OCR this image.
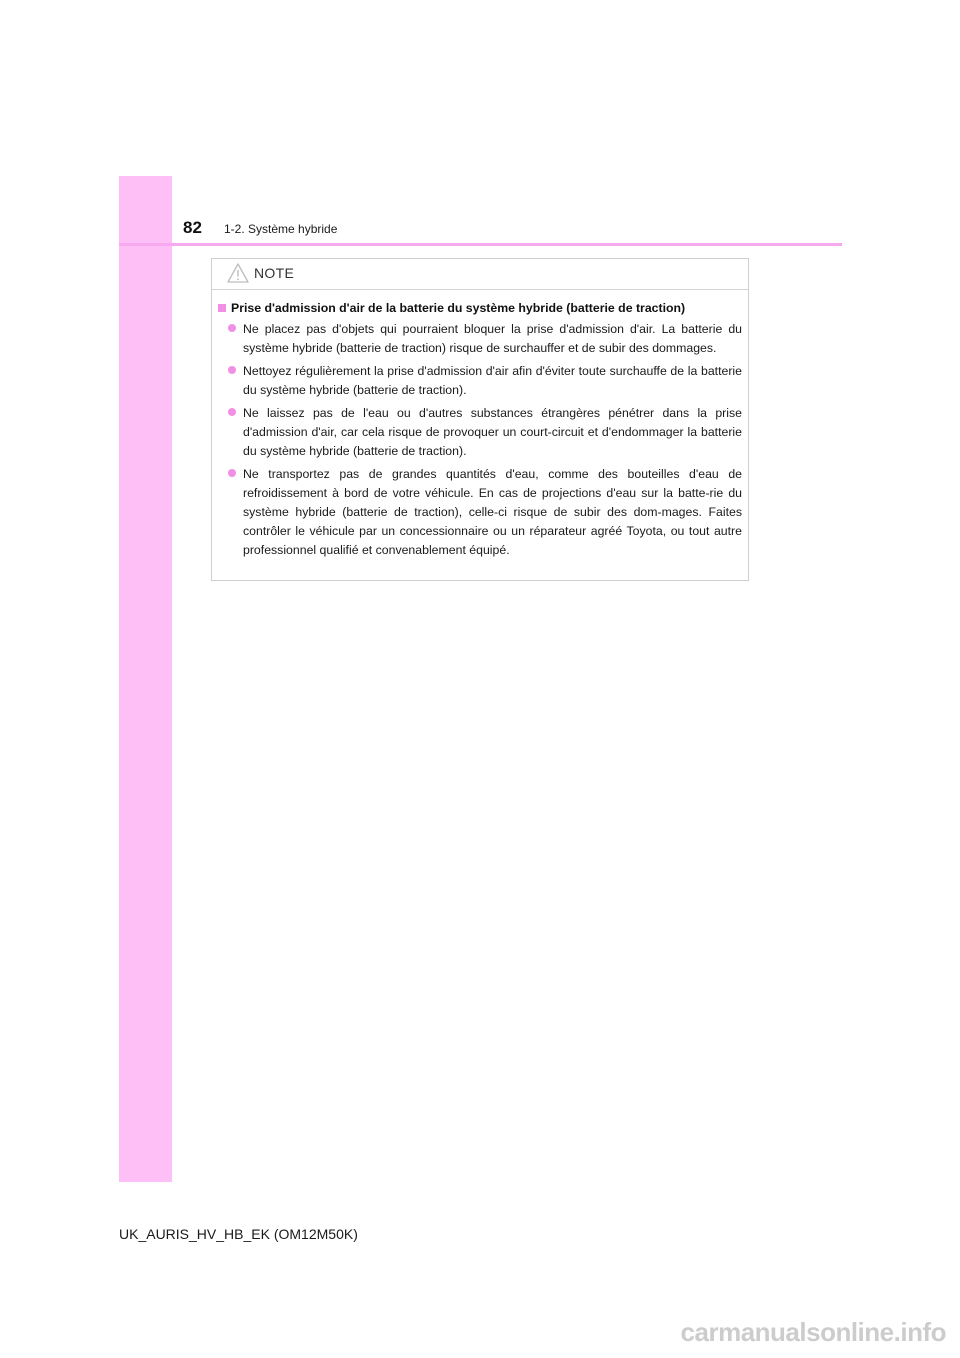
82 1-2. Système hybride
NOTE
Prise d'admission d'air de la batterie du système hybride (batterie de traction)
Ne placez pas d'objets qui pourraient bloquer la prise d'admission d'air. La batterie du système hybride (batterie de traction) risque de surchauffer et de subir des dommages.
Nettoyez régulièrement la prise d'admission d'air afin d'éviter toute surchauffe de la batterie du système hybride (batterie de traction).
Ne laissez pas de l'eau ou d'autres substances étrangères pénétrer dans la prise d'admission d'air, car cela risque de provoquer un court-circuit et d'endommager la batterie du système hybride (batterie de traction).
Ne transportez pas de grandes quantités d'eau, comme des bouteilles d'eau de refroidissement à bord de votre véhicule. En cas de projections d'eau sur la batte-rie du système hybride (batterie de traction), celle-ci risque de subir des dom-mages. Faites contrôler le véhicule par un concessionnaire ou un réparateur agréé Toyota, ou tout autre professionnel qualifié et convenablement équipé.
UK_AURIS_HV_HB_EK (OM12M50K)
carmanualsonline.info
